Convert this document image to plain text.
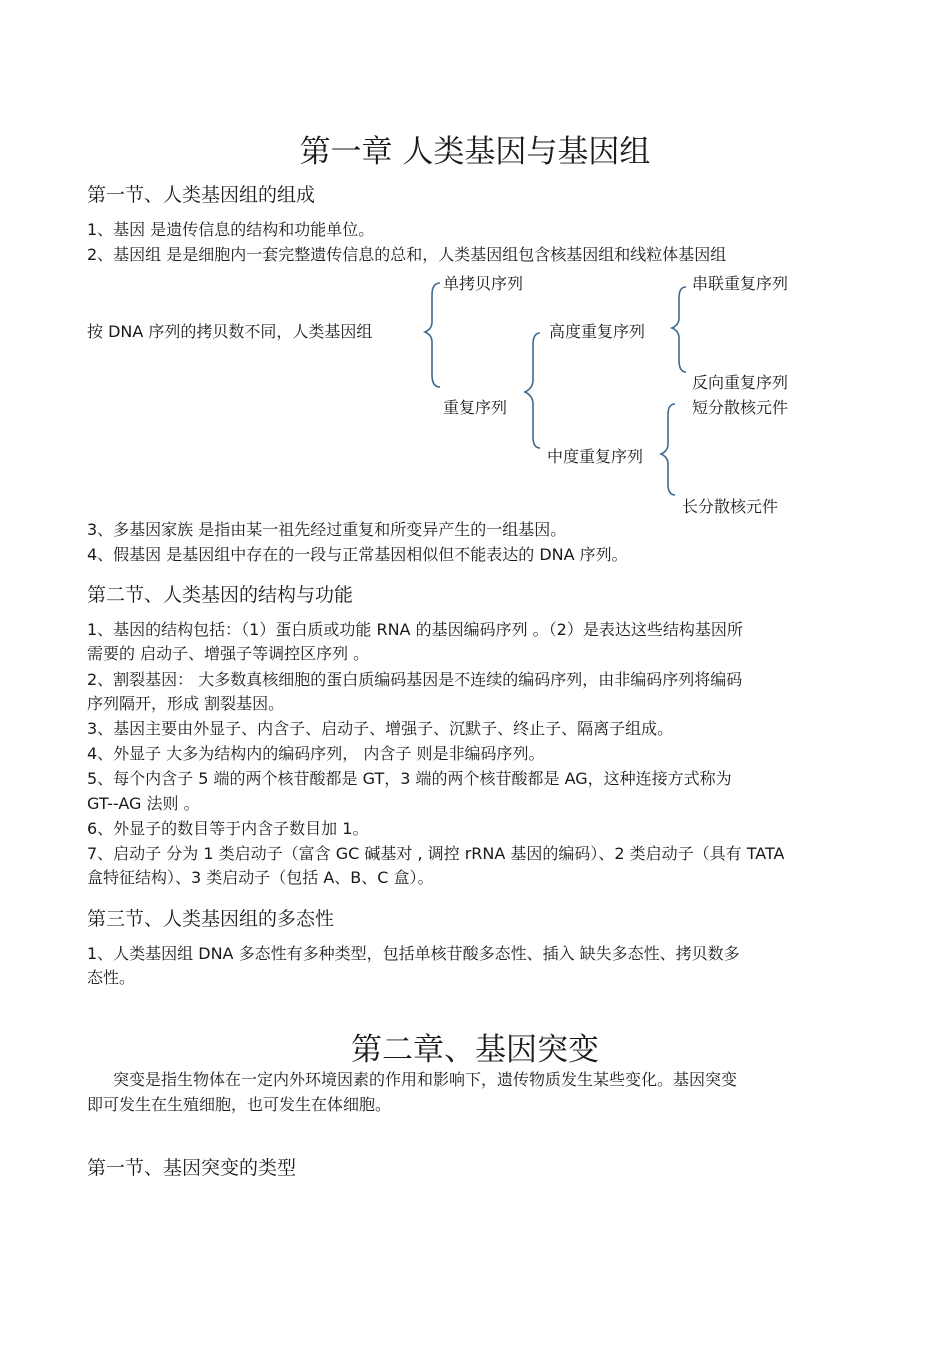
第一章 人类基因与基因组
第一节、人类基因组的组成
1、基因 是遗传信息的结构和功能单位。
2、基因组 是是细胞内一套完整遗传信息的总和，人类基因组包含核基因组和线粒体基因组
按 DNA 序列的拷贝数不同，人类基因组
单拷贝序列
重复序列
高度重复序列
串联重复序列
反向重复序列
短分散核元件
中度重复序列
长分散核元件
3、多基因家族 是指由某一祖先经过重复和所变异产生的一组基因。
4、假基因 是基因组中存在的一段与正常基因相似但不能表达的 DNA 序列。
第二节、人类基因的结构与功能
1、基因的结构包括：（1）蛋白质或功能 RNA 的基因编码序列 。（2）是表达这些结构基因所
需要的 启动子、增强子等调控区序列 。
2、割裂基因： 大多数真核细胞的蛋白质编码基因是不连续的编码序列，由非编码序列将编码
序列隔开，形成 割裂基因。
3、基因主要由外显子、内含子、启动子、增强子、沉默子、终止子、隔离子组成。
4、外显子 大多为结构内的编码序列， 内含子 则是非编码序列。
5、每个内含子 5 端的两个核苷酸都是 GT，3 端的两个核苷酸都是 AG，这种连接方式称为
GT--AG 法则 。
6、外显子的数目等于内含子数目加 1。
7、启动子 分为 1 类启动子（富含 GC 碱基对 , 调控 rRNA 基因的编码）、2 类启动子（具有 TATA
盒特征结构）、3 类启动子（包括 A、B、C 盒）。
第三节、人类基因组的多态性
1、人类基因组 DNA 多态性有多种类型，包括单核苷酸多态性、插入 缺失多态性、拷贝数多
态性。
第二章、基因突变
突变是指生物体在一定内外环境因素的作用和影响下，遗传物质发生某些变化。基因突变
即可发生在生殖细胞，也可发生在体细胞。
第一节、基因突变的类型
